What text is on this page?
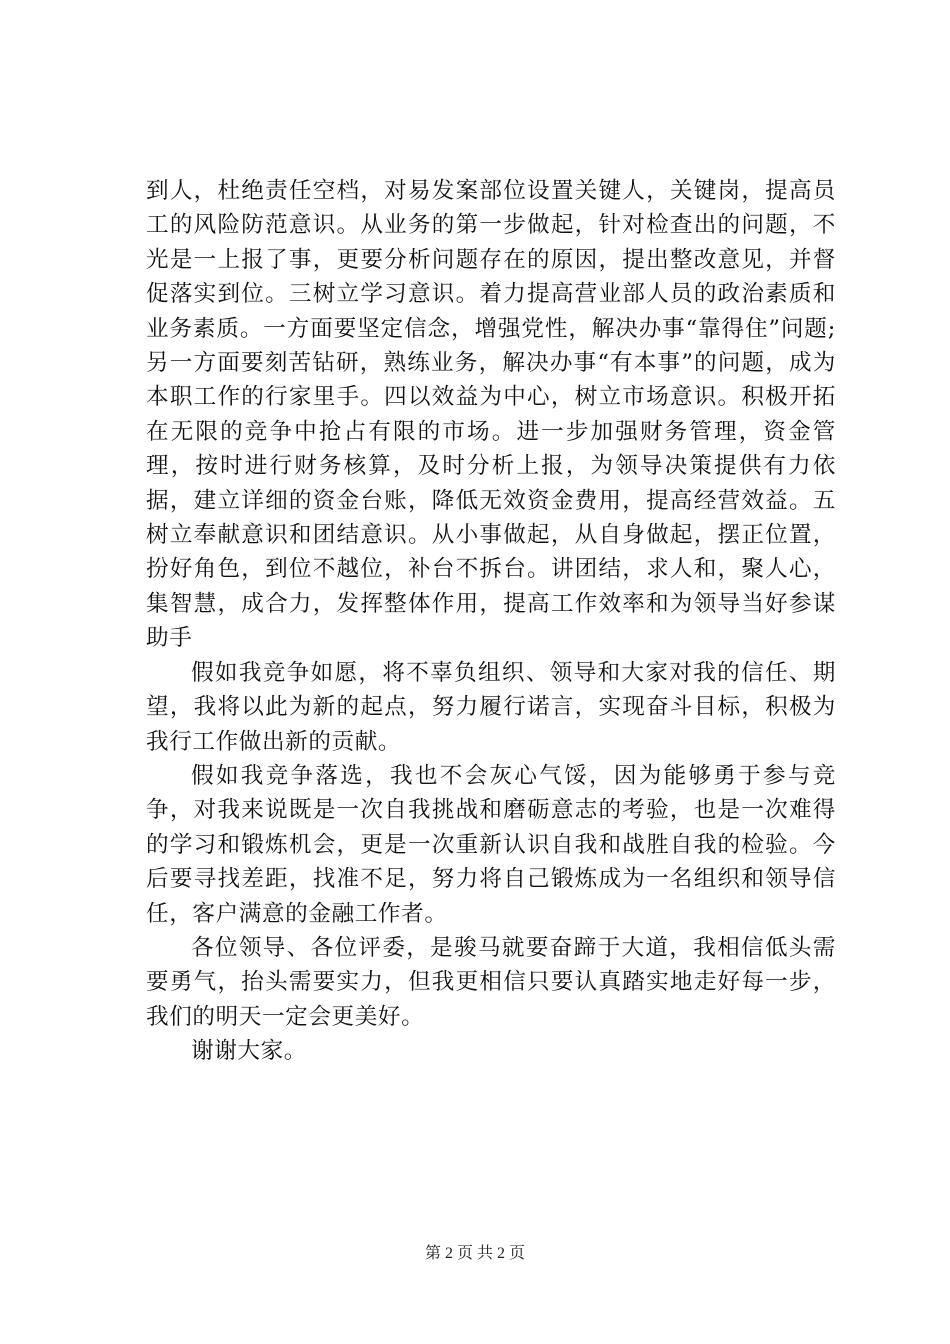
到人，杜绝责任空档，对易发案部位设置关键人，关键岗，提高员工的风险防范意识。从业务的第一步做起，针对检查出的问题，不光是一上报了事，更要分析问题存在的原因，提出整改意见，并督促落实到位。三树立学习意识。着力提高营业部人员的政治素质和业务素质。一方面要坚定信念，增强党性，解决办事“靠得住”问题;另一方面要刻苦钻研，熟练业务，解决办事“有本事”的问题，成为本职工作的行家里手。四以效益为中心，树立市场意识。积极开拓在无限的竞争中抢占有限的市场。进一步加强财务管理，资金管理，按时进行财务核算，及时分析上报，为领导决策提供有力依据，建立详细的资金台账，降低无效资金费用，提高经营效益。五树立奉献意识和团结意识。从小事做起，从自身做起，摆正位置，扮好角色，到位不越位，补台不拆台。讲团结，求人和，聚人心，集智慧，成合力，发挥整体作用，提高工作效率和为领导当好参谋助手

假如我竞争如愿，将不辜负组织、领导和大家对我的信任、期望，我将以此为新的起点，努力履行诺言，实现奋斗目标，积极为我行工作做出新的贡献。

假如我竞争落选，我也不会灰心气馁，因为能够勇于参与竞争，对我来说既是一次自我挑战和磨砺意志的考验，也是一次难得的学习和锻炼机会，更是一次重新认识自我和战胜自我的检验。今后要寻找差距，找准不足，努力将自己锻炼成为一名组织和领导信任，客户满意的金融工作者。

各位领导、各位评委，是骏马就要奋蹄于大道，我相信低头需要勇气，抬头需要实力，但我更相信只要认真踏实地走好每一步，我们的明天一定会更美好。

谢谢大家。

第 2 页 共 2 页
